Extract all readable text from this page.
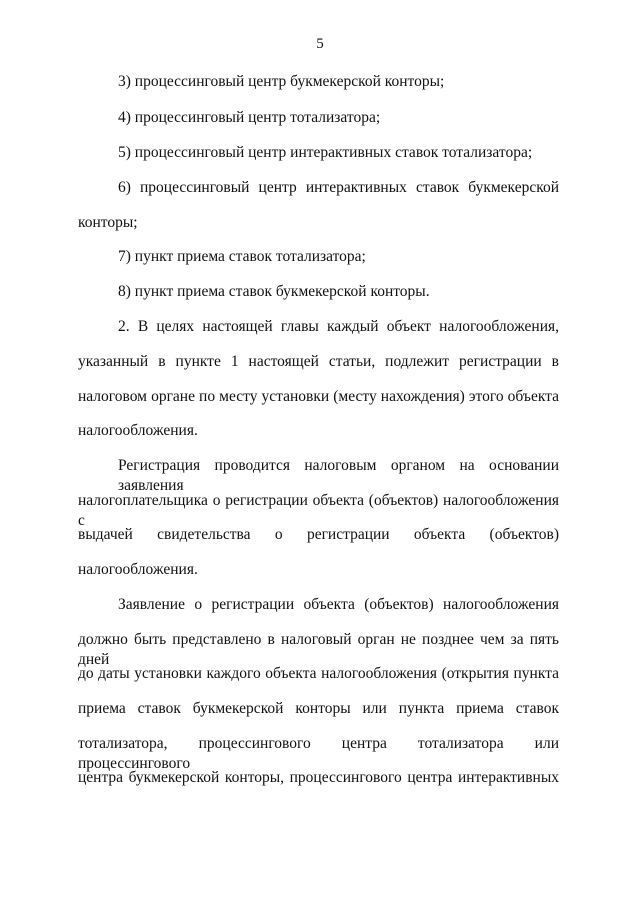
5
3) процессинговый центр букмекерской конторы;
4) процессинговый центр тотализатора;
5) процессинговый центр интерактивных ставок тотализатора;
6) процессинговый центр интерактивных ставок букмекерской
конторы;
7) пункт приема ставок тотализатора;
8) пункт приема ставок букмекерской конторы.
2. В целях настоящей главы каждый объект налогообложения,
указанный в пункте 1 настоящей статьи, подлежит регистрации в
налоговом органе по месту установки (месту нахождения) этого объекта
налогообложения.
Регистрация проводится налоговым органом на основании заявления
налогоплательщика о регистрации объекта (объектов) налогообложения с
выдачей свидетельства о регистрации объекта (объектов)
налогообложения.
Заявление о регистрации объекта (объектов) налогообложения
должно быть представлено в налоговый орган не позднее чем за пять дней
до даты установки каждого объекта налогообложения (открытия пункта
приема ставок букмекерской конторы или пункта приема ставок
тотализатора, процессингового центра тотализатора или процессингового
центра букмекерской конторы, процессингового центра интерактивных
